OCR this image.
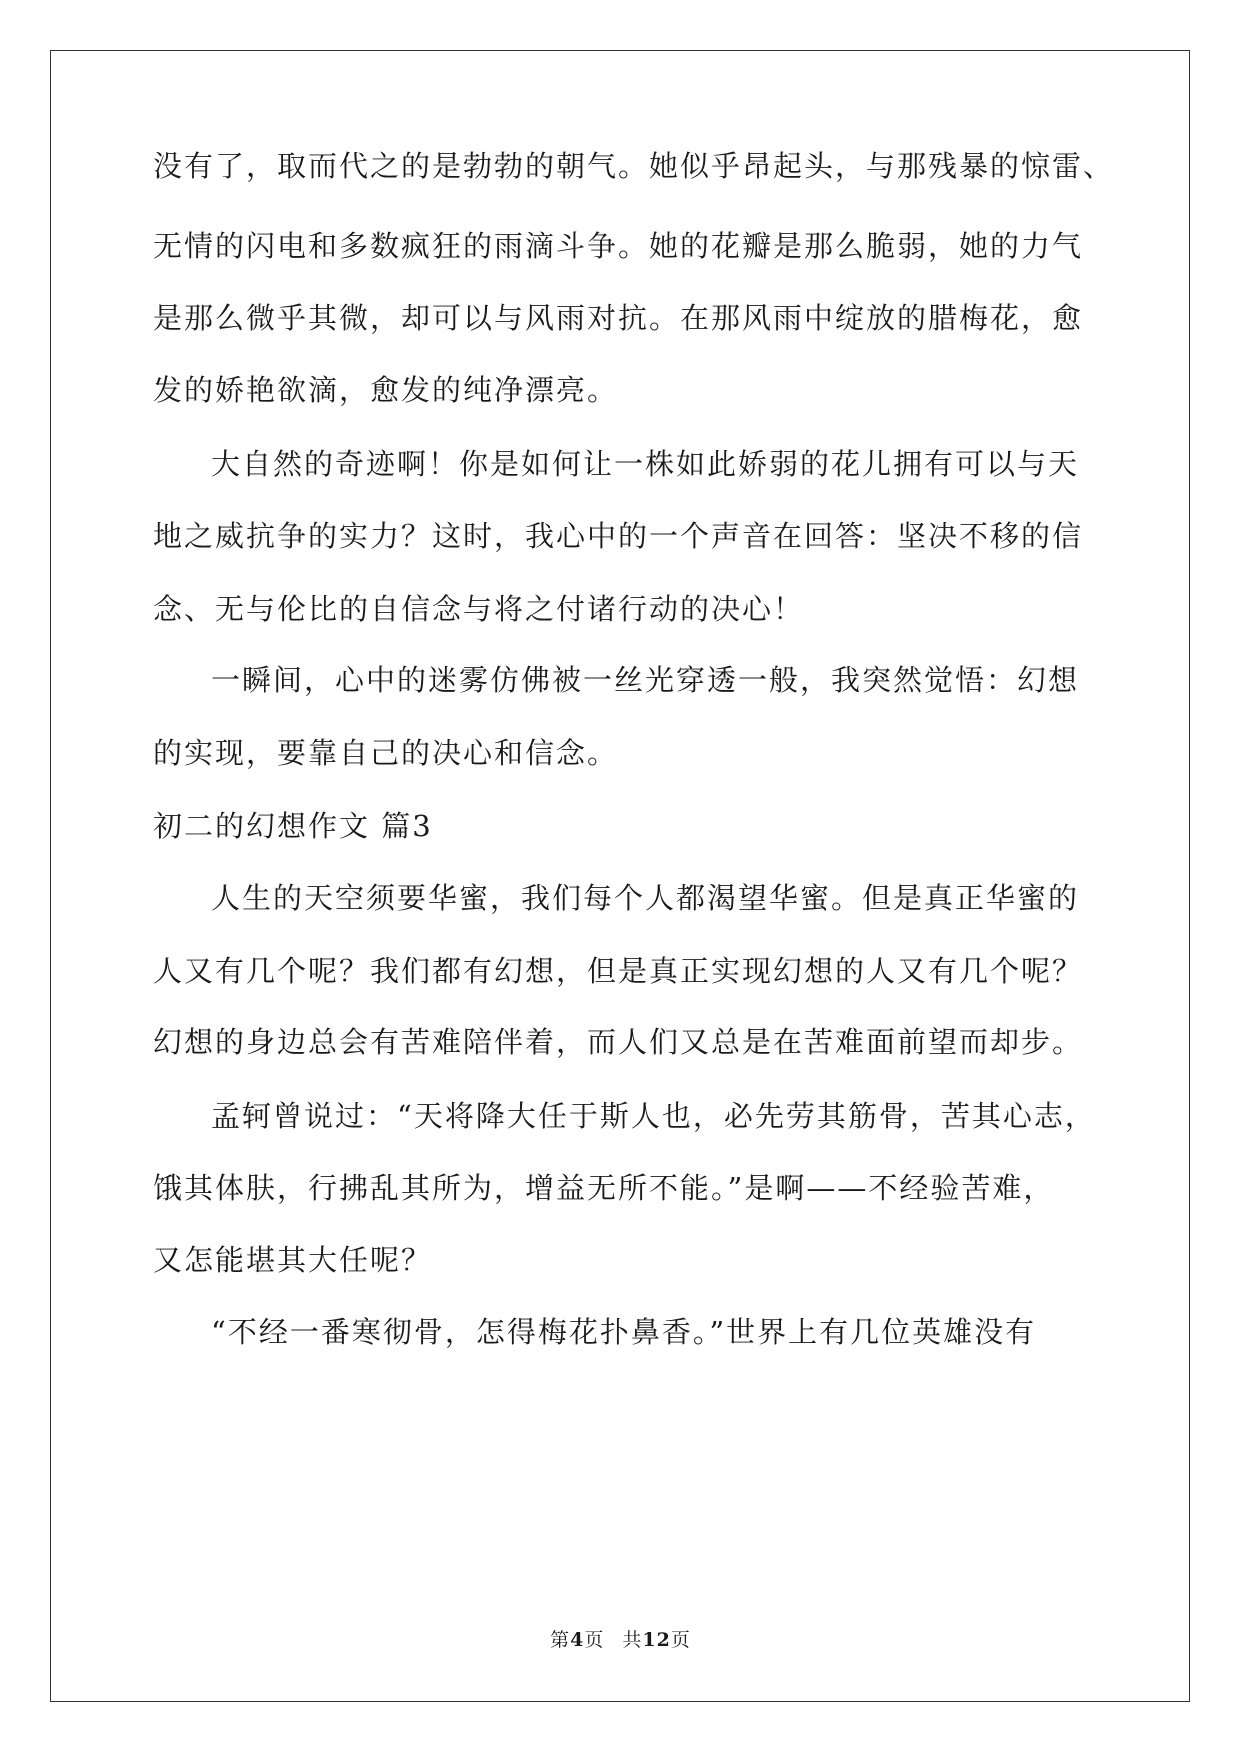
没有了，取而代之的是勃勃的朝气。她似乎昂起头，与那残暴的惊雷、
无情的闪电和多数疯狂的雨滴斗争。她的花瓣是那么脆弱，她的力气
是那么微乎其微，却可以与风雨对抗。在那风雨中绽放的腊梅花，愈
发的娇艳欲滴，愈发的纯净漂亮。
大自然的奇迹啊！你是如何让一株如此娇弱的花儿拥有可以与天
地之威抗争的实力？这时，我心中的一个声音在回答：坚决不移的信
念、无与伦比的自信念与将之付诸行动的决心！
一瞬间，心中的迷雾仿佛被一丝光穿透一般，我突然觉悟：幻想
的实现，要靠自己的决心和信念。
初二的幻想作文 篇3
人生的天空须要华蜜，我们每个人都渴望华蜜。但是真正华蜜的
人又有几个呢？我们都有幻想，但是真正实现幻想的人又有几个呢？
幻想的身边总会有苦难陪伴着，而人们又总是在苦难面前望而却步。
孟轲曾说过：“天将降大任于斯人也，必先劳其筋骨，苦其心志，
饿其体肤，行拂乱其所为，增益无所不能。”是啊——不经验苦难，
又怎能堪其大任呢？
“不经一番寒彻骨，怎得梅花扑鼻香。”世界上有几位英雄没有
第4页 共12页
